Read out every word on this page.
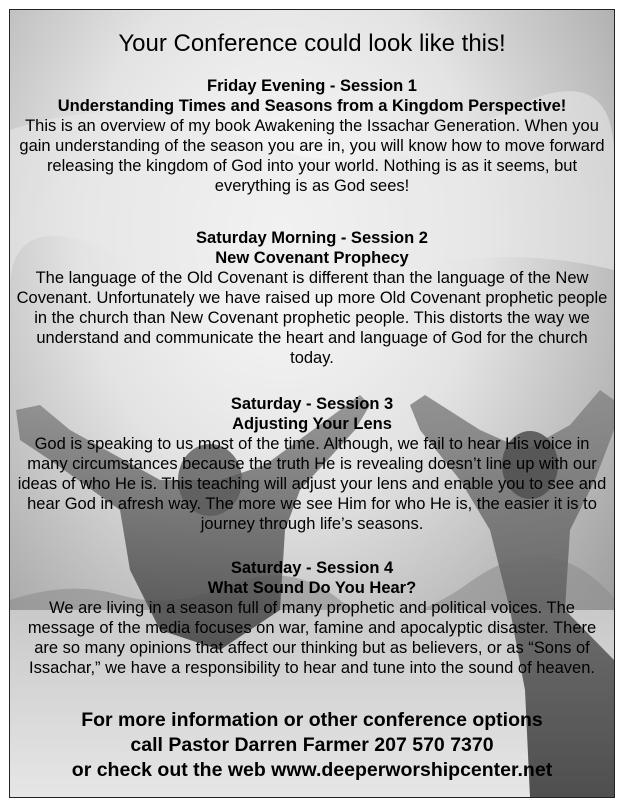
Your Conference could look like this!
Friday Evening - Session 1
Understanding Times and Seasons from a Kingdom Perspective!
This is an overview of my book Awakening the Issachar Generation. When you gain understanding of the season you are in, you will know how to move forward releasing the kingdom of God into your world. Nothing is as it seems, but everything is as God sees!
Saturday Morning - Session 2
New Covenant Prophecy
The language of the Old Covenant is different than the language of the New Covenant. Unfortunately we have raised up more Old Covenant prophetic people in the church than New Covenant prophetic people. This distorts the way we understand and communicate the heart and language of God for the church today.
Saturday - Session 3
Adjusting Your Lens
God is speaking to us most of the time. Although, we fail to hear His voice in many circumstances because the truth He is revealing doesn’t line up with our ideas of who He is. This teaching will adjust your lens and enable you to see and hear God in afresh way. The more we see Him for who He is, the easier it is to journey through life’s seasons.
Saturday - Session 4
What Sound Do You Hear?
We are living in a season full of many prophetic and political voices. The message of the media focuses on war, famine and apocalyptic disaster. There are so many opinions that affect our thinking but as believers, or as “Sons of Issachar,” we have a responsibility to hear and tune into the sound of heaven.
For more information or other conference options
call Pastor Darren Farmer 207 570 7370
or check out the web www.deeperworshipcenter.net
